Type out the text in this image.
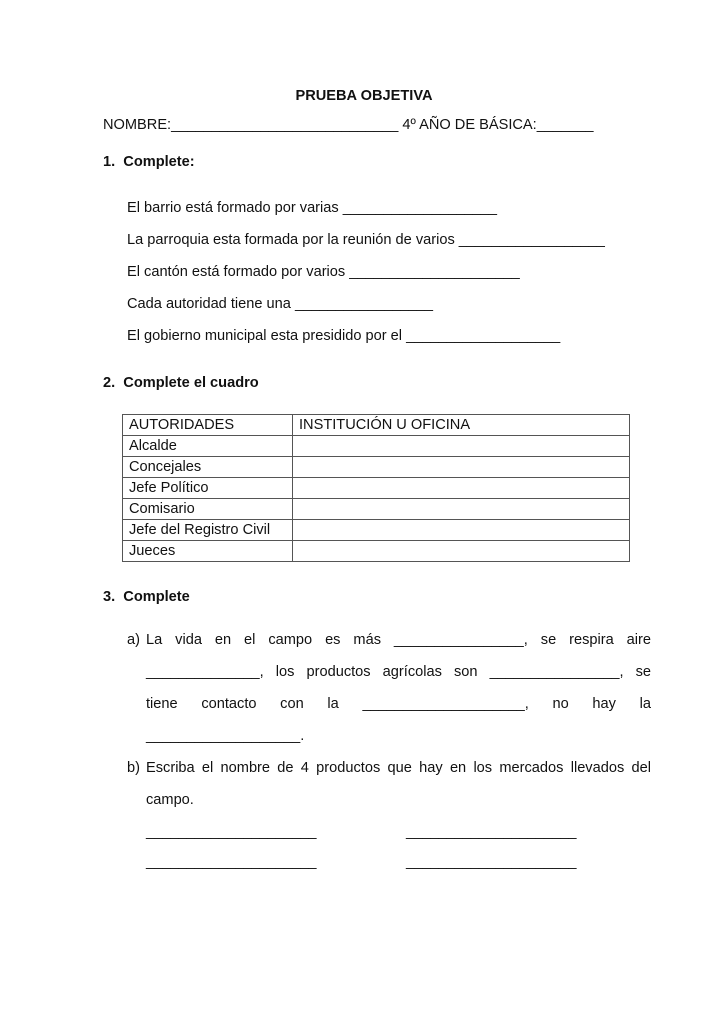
PRUEBA OBJETIVA
NOMBRE:____________________________ 4º AÑO DE BÁSICA:_______
1.  Complete:
El barrio está formado por varias ___________________
La parroquia esta formada por la reunión de varios __________________
El cantón está formado por varios _____________________
Cada autoridad tiene una _________________
El gobierno municipal esta presidido por el ___________________
2.  Complete el cuadro
AUTORIDADES	INSTITUCIÓN U OFICINA
Alcalde	
Concejales	
Jefe Político	
Comisario	
Jefe del Registro Civil	
Jueces	
3.  Complete
a) La vida en el campo es más ________________, se respira aire
______________, los productos agrícolas son ________________, se
tiene contacto con la ____________________, no hay la
___________________.
b) Escriba el nombre de 4 productos que hay en los mercados llevados del
campo.
_____________________	_____________________
_____________________	_____________________
